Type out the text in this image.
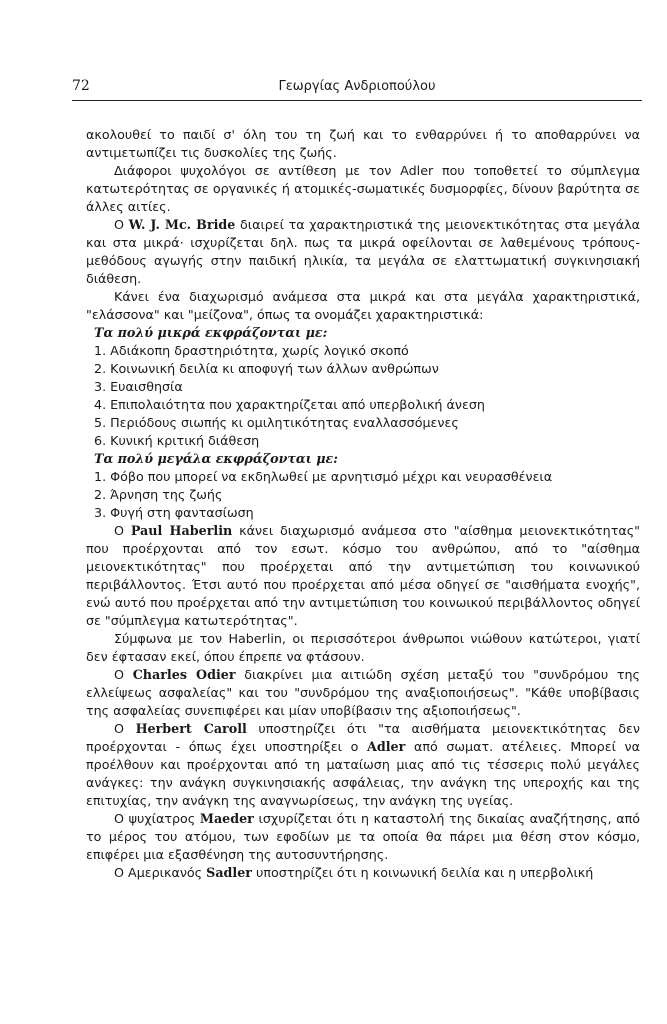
72	Γεωργίας Ανδριοπούλου

ακολουθεί το παιδί σ' όλη του τη ζωή και το ενθαρρύνει ή το αποθαρρύνει να αντιμετωπίζει τις δυσκολίες της ζωής.

Διάφοροι ψυχολόγοι σε αντίθεση με τον Adler που τοποθετεί το σύμπλεγμα κατωτερότητας σε οργανικές ή ατομικές-σωματικές δυσμορφίες, δίνουν βαρύτητα σε άλλες αιτίες.

Ο W. J. Mc. Bride διαιρεί τα χαρακτηριστικά της μειονεκτικότητας στα μεγάλα και στα μικρά· ισχυρίζεται δηλ. πως τα μικρά οφείλονται σε λαθεμένους τρόπους- μεθόδους αγωγής στην παιδική ηλικία, τα μεγάλα σε ελαττωματική συγκινησιακή διάθεση.

Κάνει ένα διαχωρισμό ανάμεσα στα μικρά και στα μεγάλα χαρακτηριστικά, "ελάσσονα" και "μείζονα", όπως τα ονομάζει χαρακτηριστικά:

Τα πολύ μικρά εκφράζονται με:
1. Αδιάκοπη δραστηριότητα, χωρίς λογικό σκοπό
2. Κοινωνική δειλία κι αποφυγή των άλλων ανθρώπων
3. Ευαισθησία
4. Επιπολαιότητα που χαρακτηρίζεται από υπερβολική άνεση
5. Περιόδους σιωπής κι ομιλητικότητας εναλλασσόμενες
6. Κυνική κριτική διάθεση
Τα πολύ μεγάλα εκφράζονται με:
1. Φόβο που μπορεί να εκδηλωθεί με αρνητισμό μέχρι και νευρασθένεια
2. Άρνηση της ζωής
3. Φυγή στη φαντασίωση

Ο Paul Haberlin κάνει διαχωρισμό ανάμεσα στο "αίσθημα μειονεκτικότητας" που προέρχονται από τον εσωτ. κόσμο του ανθρώπου, από το "αίσθημα μειονεκτικότητας" που προέρχεται από την αντιμετώπιση του κοινωνικού περιβάλλοντος. Έτσι αυτό που προέρχεται από μέσα οδηγεί σε "αισθήματα ενοχής", ενώ αυτό που προέρχεται από την αντιμετώπιση του κοινωικού περιβάλλοντος οδηγεί σε "σύμπλεγμα κατωτερότητας".

Σύμφωνα με τον Haberlin, οι περισσότεροι άνθρωποι νιώθουν κατώτεροι, γιατί δεν έφτασαν εκεί, όπου έπρεπε να φτάσουν.

Ο Charles Odier διακρίνει μια αιτιώδη σχέση μεταξύ του "συνδρόμου της ελλείψεως ασφαλείας" και του "συνδρόμου της αναξιοποιήσεως". "Κάθε υποβίβασις της ασφαλείας συνεπιφέρει και μίαν υποβίβασιν της αξιοποιήσεως".

Ο Herbert Caroll υποστηρίζει ότι "τα αισθήματα μειονεκτικότητας δεν προέρχονται - όπως έχει υποστηρίξει ο Adler από σωματ. ατέλειες. Μπορεί να προέλθουν και προέρχονται από τη ματαίωση μιας από τις τέσσερις πολύ μεγάλες ανάγκες: την ανάγκη συγκινησιακής ασφάλειας, την ανάγκη της υπεροχής και της επιτυχίας, την ανάγκη της αναγνωρίσεως, την ανάγκη της υγείας.

Ο ψυχίατρος Maeder ισχυρίζεται ότι η καταστολή της δικαίας αναζήτησης, από το μέρος του ατόμου, των εφοδίων με τα οποία θα πάρει μια θέση στον κόσμο, επιφέρει μια εξασθένηση της αυτοσυντήρησης.

Ο Αμερικανός Sadler υποστηρίζει ότι η κοινωνική δειλία και η υπερβολική
